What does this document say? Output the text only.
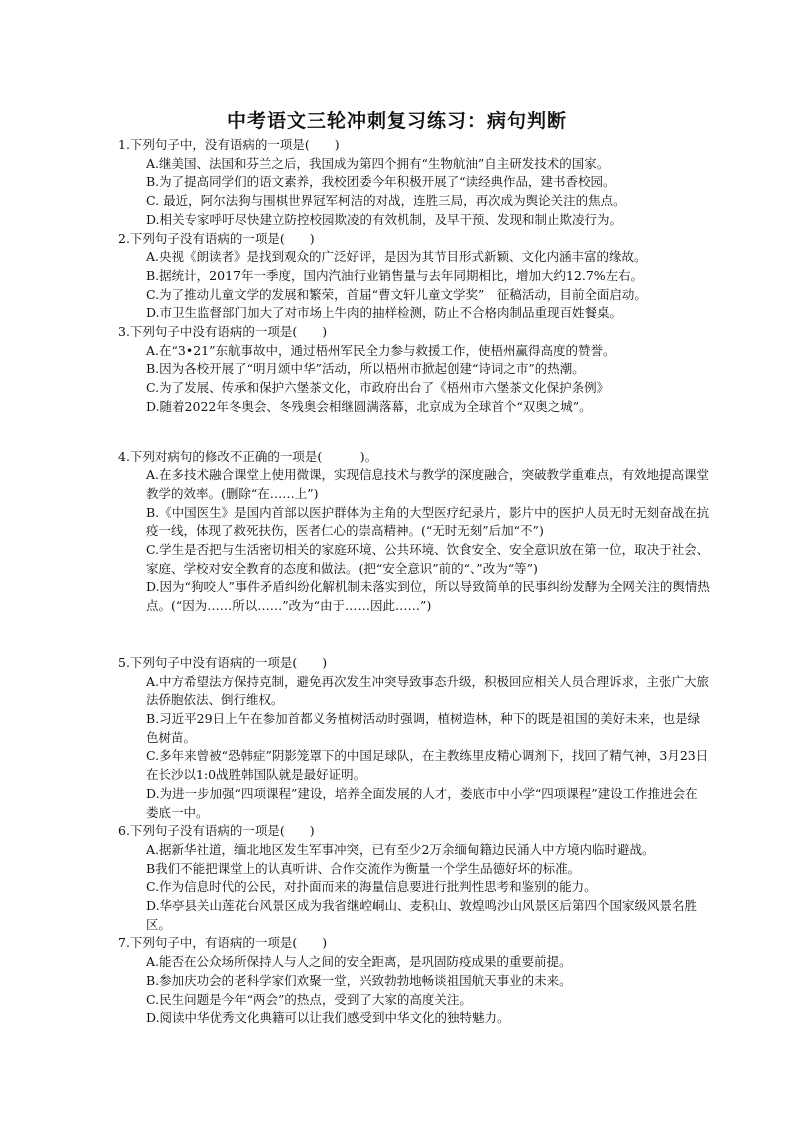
中考语文三轮冲刺复习练习：病句判断
1.下列句子中，没有语病的一项是(　　)
A.继美国、法国和芬兰之后，我国成为第四个拥有“生物航油”自主研发技术的国家。
B.为了提高同学们的语文素养，我校团委今年积极开展了“读经典作品，建书香校园。
C. 最近，阿尔法狗与围棋世界冠军柯洁的对战，连胜三局，再次成为舆论关注的焦点。
D.相关专家呼吁尽快建立防控校园欺凌的有效机制，及早干预、发现和制止欺凌行为。
2.下列句子没有语病的一项是(　　)
A.央视《朗读者》是找到观众的广泛好评，是因为其节目形式新颖、文化内涵丰富的缘故。
B.据统计，2017年一季度，国内汽油行业销售量与去年同期相比，增加大约12.7%左右。
C.为了推动儿童文学的发展和繁荣，首届“曹文轩儿童文学奖”　征稿活动，目前全面启动。
D.市卫生监督部门加大了对市场上牛肉的抽样检测，防止不合格肉制品重现百姓餐桌。
3.下列句子中没有语病的一项是(　　)
A.在“3•21”东航事故中，通过梧州军民全力参与救援工作，使梧州赢得高度的赞誉。
B.因为各校开展了“明月颂中华”活动，所以梧州市掀起创建“诗词之市”的热潮。
C.为了发展、传承和保护六堡茶文化，市政府出台了《梧州市六堡茶文化保护条例》
D.随着2022年冬奥会、冬残奥会相继圆满落幕，北京成为全球首个“双奥之城”。
4.下列对病句的修改不正确的一项是(　　　)。
A.在多技术融合课堂上使用微课，实现信息技术与教学的深度融合，突破教学重难点，有效地提高课堂教学的效率。(删除“在……上”)
B.《中国医生》是国内首部以医护群体为主角的大型医疗纪录片，影片中的医护人员无时无刻奋战在抗疫一线，体现了救死扶伤，医者仁心的崇高精神。(“无时无刻”后加“不”)
C.学生是否把与生活密切相关的家庭环境、公共环境、饮食安全、安全意识放在第一位，取决于社会、家庭、学校对安全教育的态度和做法。(把“安全意识”前的“、”改为“等”)
D.因为“狗咬人”事件矛盾纠纷化解机制未落实到位，所以导致简单的民事纠纷发酵为全网关注的舆情热点。(“因为……所以……”改为“由于……因此……”)
5.下列句子中没有语病的一项是(　　)
A.中方希望法方保持克制，避免再次发生冲突导致事态升级，积极回应相关人员合理诉求，主张广大旅法侨胞依法、倒行维权。
B.习近平29日上午在参加首都义务植树活动时强调，植树造林，种下的既是祖国的美好未来，也是绿色树苗。
C.多年来曾被“恐韩症”阴影笼罩下的中国足球队，在主教练里皮精心调剂下，找回了精气神，3月23日在长沙以1:0战胜韩国队就是最好证明。
D.为进一步加强“四项课程”建设，培养全面发展的人才，娄底市中小学“四项课程”建设工作推进会在娄底一中。
6.下列句子没有语病的一项是(　　)
A.据新华社道，缅北地区发生军事冲突，已有至少2万余缅甸籍边民涌人中方境内临时避战。
B我们不能把课堂上的认真听讲、合作交流作为衡量一个学生品德好坏的标准。
C.作为信息时代的公民，对扑面而来的海量信息要进行批判性思考和鉴别的能力。
D.华亭县关山莲花台风景区成为我省继崆峒山、麦积山、敦煌鸣沙山风景区后第四个国家级风景名胜区。
7.下列句子中，有语病的一项是(　　)
A.能否在公众场所保持人与人之间的安全距离，是巩固防疫成果的重要前提。
B.参加庆功会的老科学家们欢聚一堂，兴致勃勃地畅谈祖国航天事业的未来。
C.民生问题是今年“两会”的热点，受到了大家的高度关注。
D.阅读中华优秀文化典籍可以让我们感受到中华文化的独特魅力。
